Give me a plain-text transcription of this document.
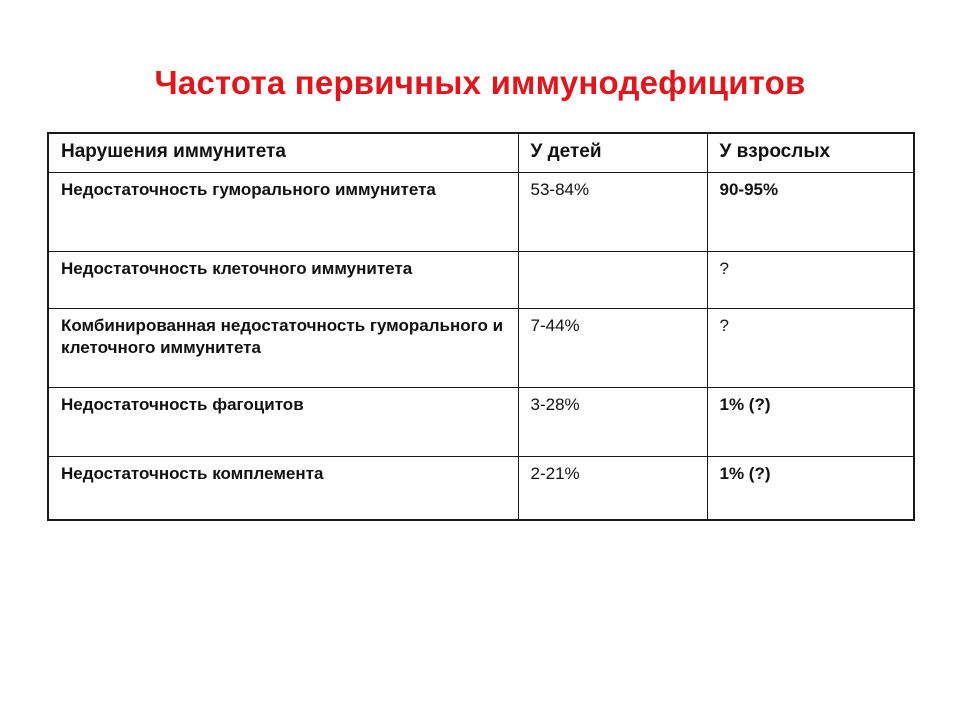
Частота первичных иммунодефицитов
Нарушения иммунитета	У детей	У взрослых
Недостаточность гуморального иммунитета	53-84%	90-95%
Недостаточность клеточного иммунитета		?
Комбинированная недостаточность гуморального и клеточного иммунитета	7-44%	?
Недостаточность фагоцитов	3-28%	1% (?)
Недостаточность комплемента	2-21%	1% (?)
